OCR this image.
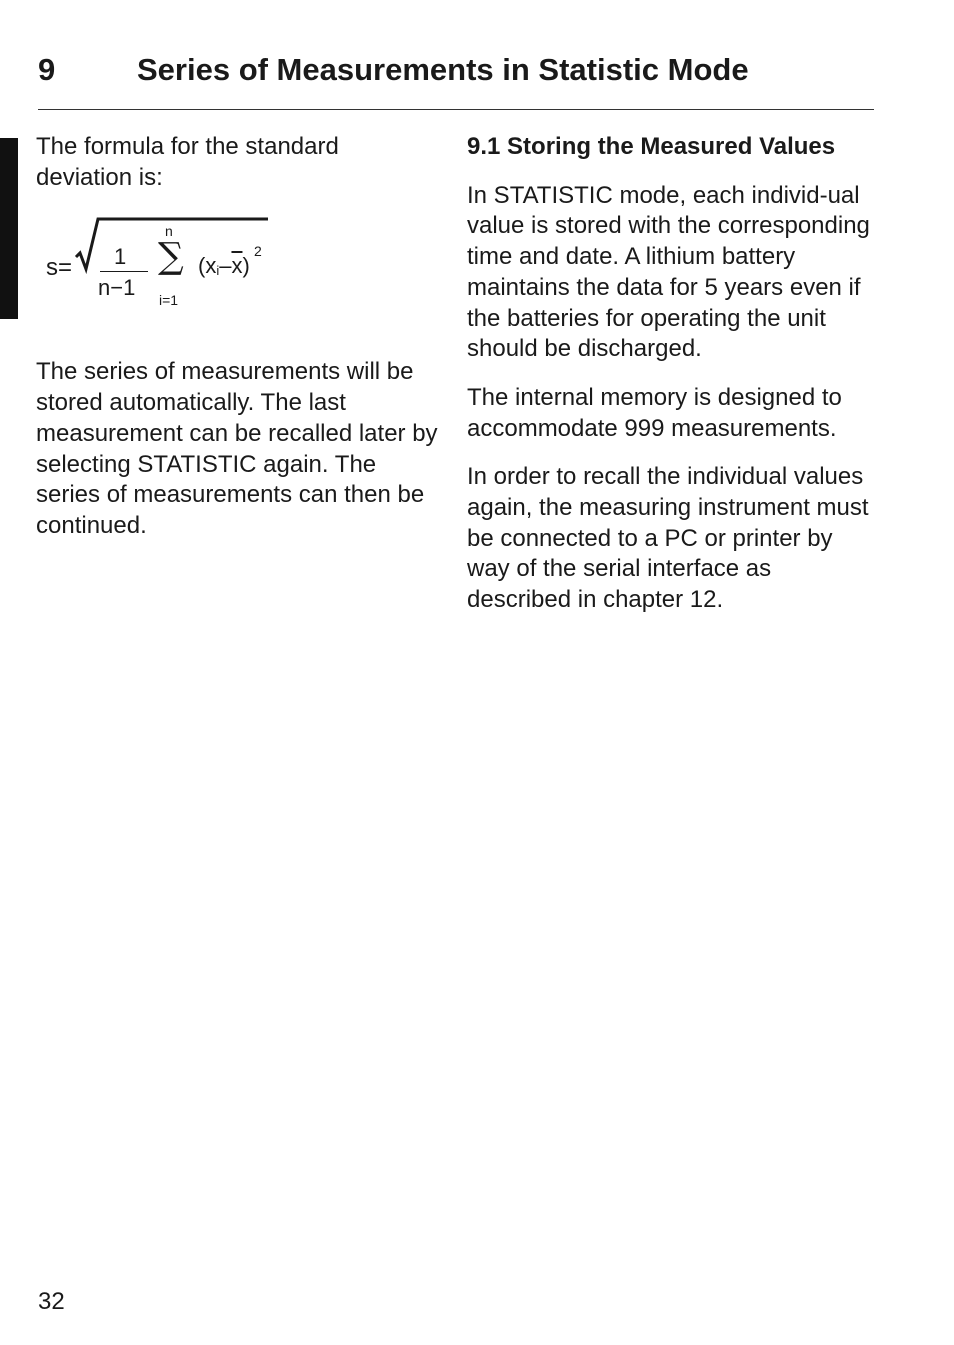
9	Series of Measurements in Statistic Mode

The formula for the standard deviation is:

s= 1
n−1
n
∑
i=1
$(x_i-\overline{x})$
2

The series of measurements will be stored automatically. The last measurement can be recalled later by selecting STATISTIC again. The series of measurements can then be continued.

9.1 Storing the Measured Values

In STATISTIC mode, each individ-ual value is stored with the corresponding time and date. A lithium battery maintains the data for 5 years even if the batteries for operating the unit should be discharged.

The internal memory is designed to accommodate 999 measurements.

In order to recall the individual values again, the measuring instrument must be connected to a PC or printer by way of the serial interface as described in chapter 12.

32
